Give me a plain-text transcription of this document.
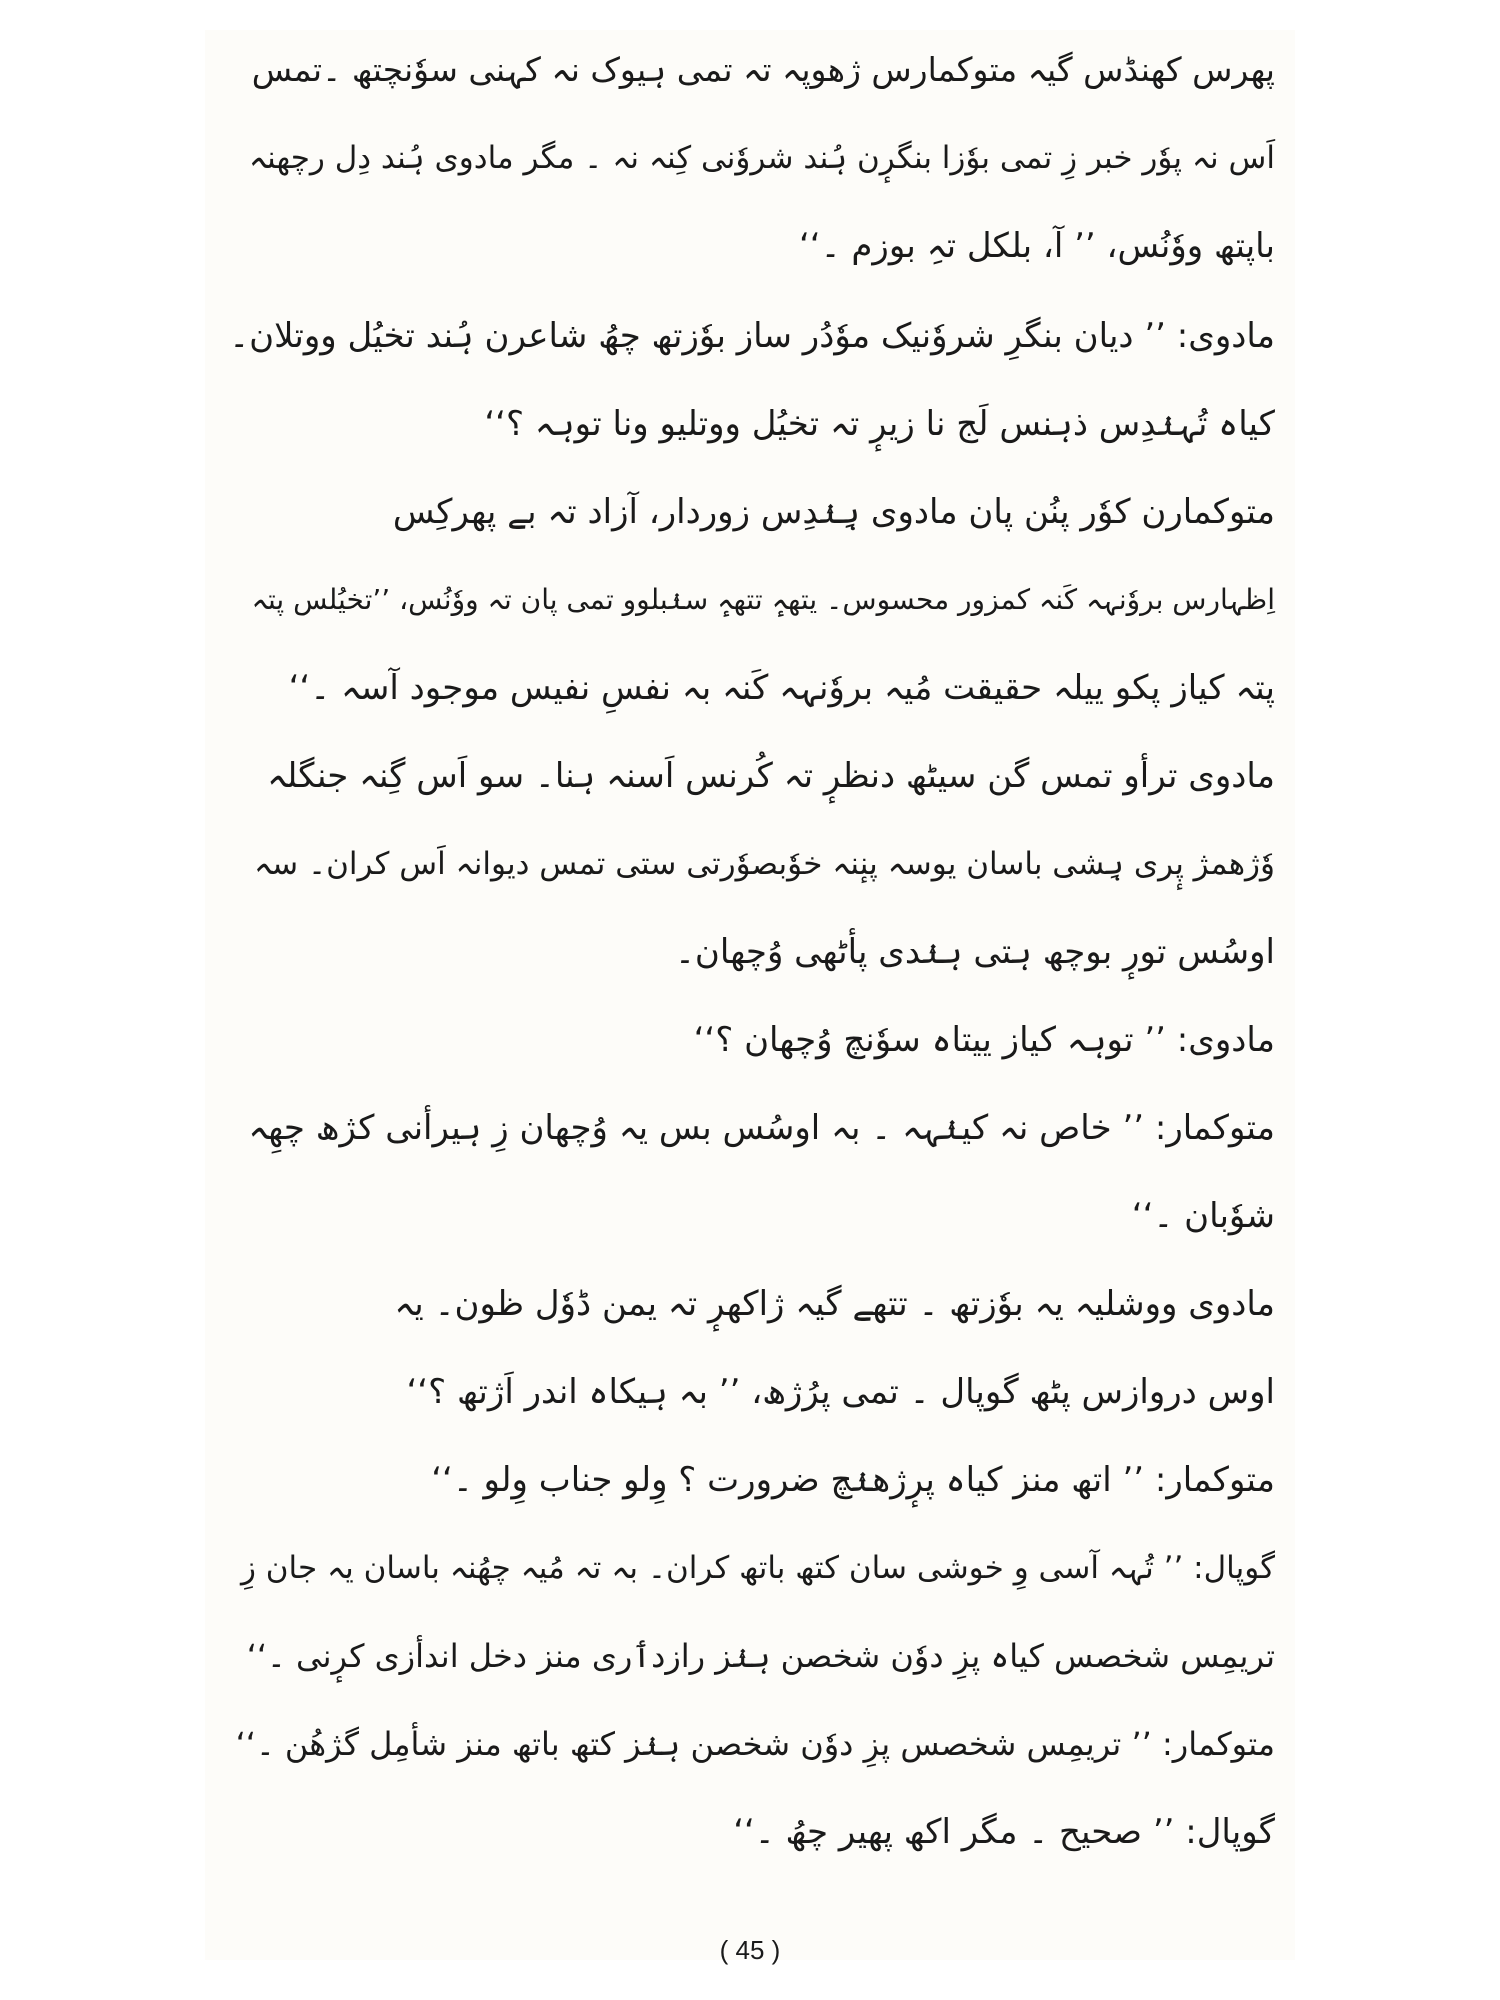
پھرس کھنڈس گیہ متوکمارس ژھوپہ تہ تمی ہیوک نہ کہنی سوٗنچتھ ۔تمس
اَس نہ پوٗر خبر زِ تمی بوٗزا بنگرٕن ہُند شروٗنی کِنہ نہ ۔ مگر مادوی ہُند دِل رچھنہ
باپتھ ووٗنُس، ’’ آ، بلکل تہِ بوزم ۔‘‘
مادوی: ’’ دیان بنگرِ شروٗنیک موٗدُر ساز بوٗزتھ چھُ شاعرن ہُند تخیُل ووتلان۔
کیاہ تُہنٛدِس ذہنس لَج نا زیرٕ تہ تخیُل ووتلیو ونا توہہ ؟‘‘
متوکمارن کوٗر پنُن پان مادوی ہِنٛدِس زوردار، آزاد تہ بے پھرکِس
اِظہارس بروٗنہہ کَنہ کمزور محسوس۔ یتھہٕ تتھہٕ سنٛبلوو تمی پان تہ ووٗنُس، ’’تخیُلس پتہ
پتہ کیاز پکو ییلہ حقیقت مُیہ بروٗنہہ کَنہ بہ نفسِ نفیس موجود آسہ ۔‘‘
مادوی ترأو تمس گن سیٹھ دنظرٕ تہ کُرنس اَسنہ ہنا۔ سو اَس گِنہ جنگلہ
وٗژھمژ پٕری ہِشی باسان یوسہ پنٕنہ خوٗبصوٗرتی ستی تمس دیوانہ اَس کران۔ سہ
اوسُس تورٕ بوچھ ہتی ہنٛدی پأٹھی وُچھان۔
مادوی: ’’ توہہ کیاز ییتاہ سوٗنچ وُچھان ؟‘‘
متوکمار: ’’ خاص نہ کینٛہہ ۔ بہ اوسُس بس یہ وُچھان زِ ہیرأنی کژھ چھِہ
شوٗبان ۔‘‘
مادوی ووشلیہ یہ بوٗزتھ ۔ تتھے گیہ ژاکھرٕ تہ یمن ڈوٗل ظون۔ یہ
اوس دروازس پٹھ گوپال ۔ تمی پرُژھ، ’’ بہ ہیکاہ اندر اَژتھ ؟‘‘
متوکمار: ’’ اتھ منز کیاہ پرٕژھنٛچ ضرورت ؟ وِلو جناب وِلو ۔‘‘
گوپال: ’’ تُہہ آسی وِ خوشی سان کتھ باتھ کران۔ بہ تہ مُیہ چھُنہ باسان یہ جان زِ
تریمِس شخصس کیاہ پزِ دوٗن شخصن ہنٛز رازدٲری منز دخل اندأزی کرٕنی ۔‘‘
متوکمار: ’’ تریمِس شخصس پزِ دوٗن شخصن ہنٛز کتھ باتھ منز شأمِل گژھُن ۔‘‘
گوپال: ’’ صحیح ۔ مگر اکھ پھیر چھُ ۔‘‘
( 45 )
